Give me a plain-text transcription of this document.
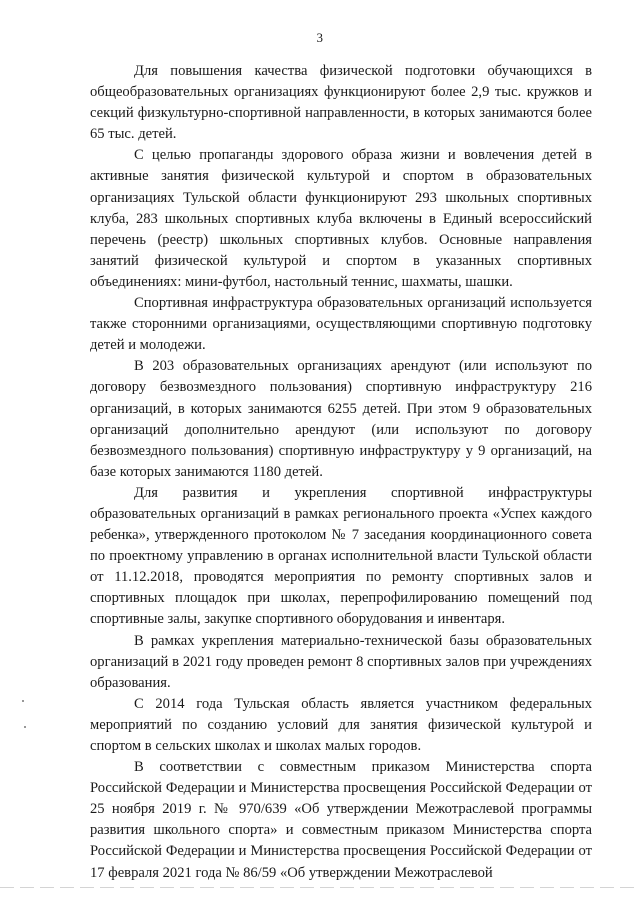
3

Для повышения качества физической подготовки обучающихся в общеобразовательных организациях функционируют более 2,9 тыс. кружков и секций физкультурно-спортивной направленности, в которых занимаются более 65 тыс. детей.

С целью пропаганды здорового образа жизни и вовлечения детей в активные занятия физической культурой и спортом в образовательных организациях Тульской области функционируют 293 школьных спортивных клуба, 283 школьных спортивных клуба включены в Единый всероссийский перечень (реестр) школьных спортивных клубов. Основные направления занятий физической культурой и спортом в указанных спортивных объединениях: мини-футбол, настольный теннис, шахматы, шашки.

Спортивная инфраструктура образовательных организаций используется также сторонними организациями, осуществляющими спортивную подготовку детей и молодежи.

В 203 образовательных организациях арендуют (или используют по договору безвозмездного пользования) спортивную инфраструктуру 216 организаций, в которых занимаются 6255 детей. При этом 9 образовательных организаций дополнительно арендуют (или используют по договору безвозмездного пользования) спортивную инфраструктуру у 9 организаций, на базе которых занимаются 1180 детей.

Для развития и укрепления спортивной инфраструктуры образовательных организаций в рамках регионального проекта «Успех каждого ребенка», утвержденного протоколом № 7 заседания координационного совета по проектному управлению в органах исполнительной власти Тульской области от 11.12.2018, проводятся мероприятия по ремонту спортивных залов и спортивных площадок при школах, перепрофилированию помещений под спортивные залы, закупке спортивного оборудования и инвентаря.

В рамках укрепления материально-технической базы образовательных организаций в 2021 году проведен ремонт 8 спортивных залов при учреждениях образования.

С 2014 года Тульская область является участником федеральных мероприятий по созданию условий для занятия физической культурой и спортом в сельских школах и школах малых городов.

В соответствии с совместным приказом Министерства спорта Российской Федерации и Министерства просвещения Российской Федерации от 25 ноября 2019 г. № 970/639 «Об утверждении Межотраслевой программы развития школьного спорта» и совместным приказом Министерства спорта Российской Федерации и Министерства просвещения Российской Федерации от 17 февраля 2021 года № 86/59 «Об утверждении Межотраслевой
